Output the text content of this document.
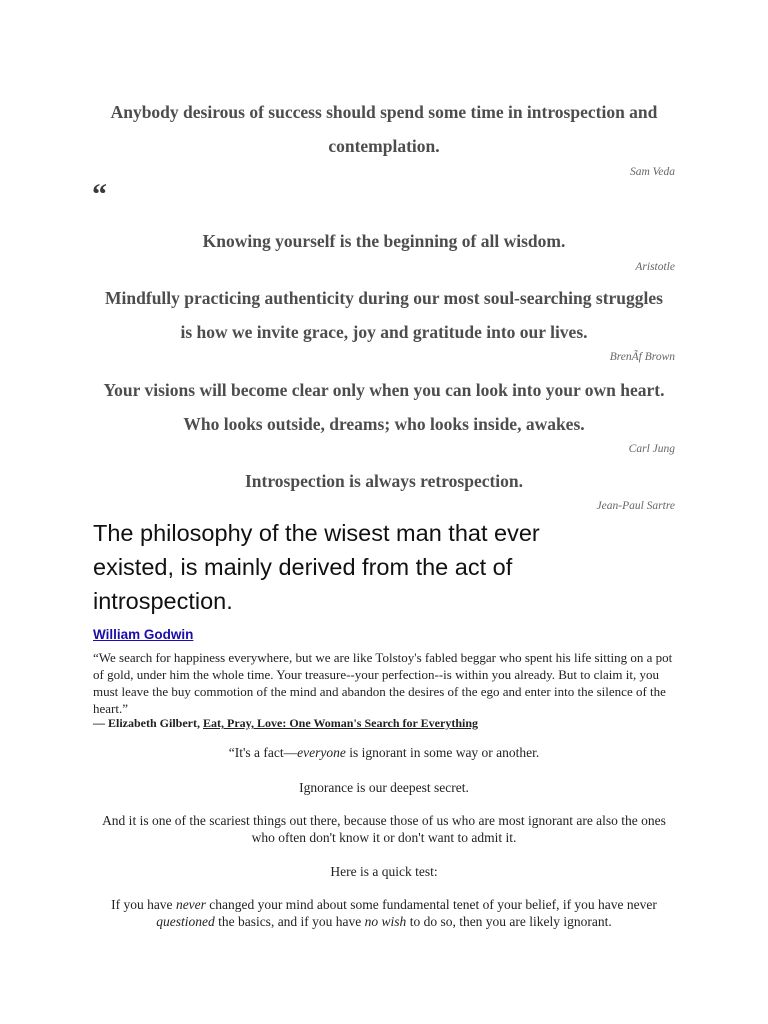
Anybody desirous of success should spend some time in introspection and contemplation.

Sam Veda

“

Knowing yourself is the beginning of all wisdom.

Aristotle

Mindfully practicing authenticity during our most soul-searching struggles is how we invite grace, joy and gratitude into our lives.

BrenÃf Brown

Your visions will become clear only when you can look into your own heart. Who looks outside, dreams; who looks inside, awakes.

Carl Jung

Introspection is always retrospection.

Jean-Paul Sartre

The philosophy of the wisest man that ever existed, is mainly derived from the act of introspection.

William Godwin

“We search for happiness everywhere, but we are like Tolstoy's fabled beggar who spent his life sitting on a pot of gold, under him the whole time. Your treasure--your perfection--is within you already. But to claim it, you must leave the buy commotion of the mind and abandon the desires of the ego and enter into the silence of the heart.”

― Elizabeth Gilbert, Eat, Pray, Love: One Woman's Search for Everything

“It's a fact—everyone is ignorant in some way or another.

Ignorance is our deepest secret.

And it is one of the scariest things out there, because those of us who are most ignorant are also the ones who often don't know it or don't want to admit it.

Here is a quick test:

If you have never changed your mind about some fundamental tenet of your belief, if you have never questioned the basics, and if you have no wish to do so, then you are likely ignorant.
